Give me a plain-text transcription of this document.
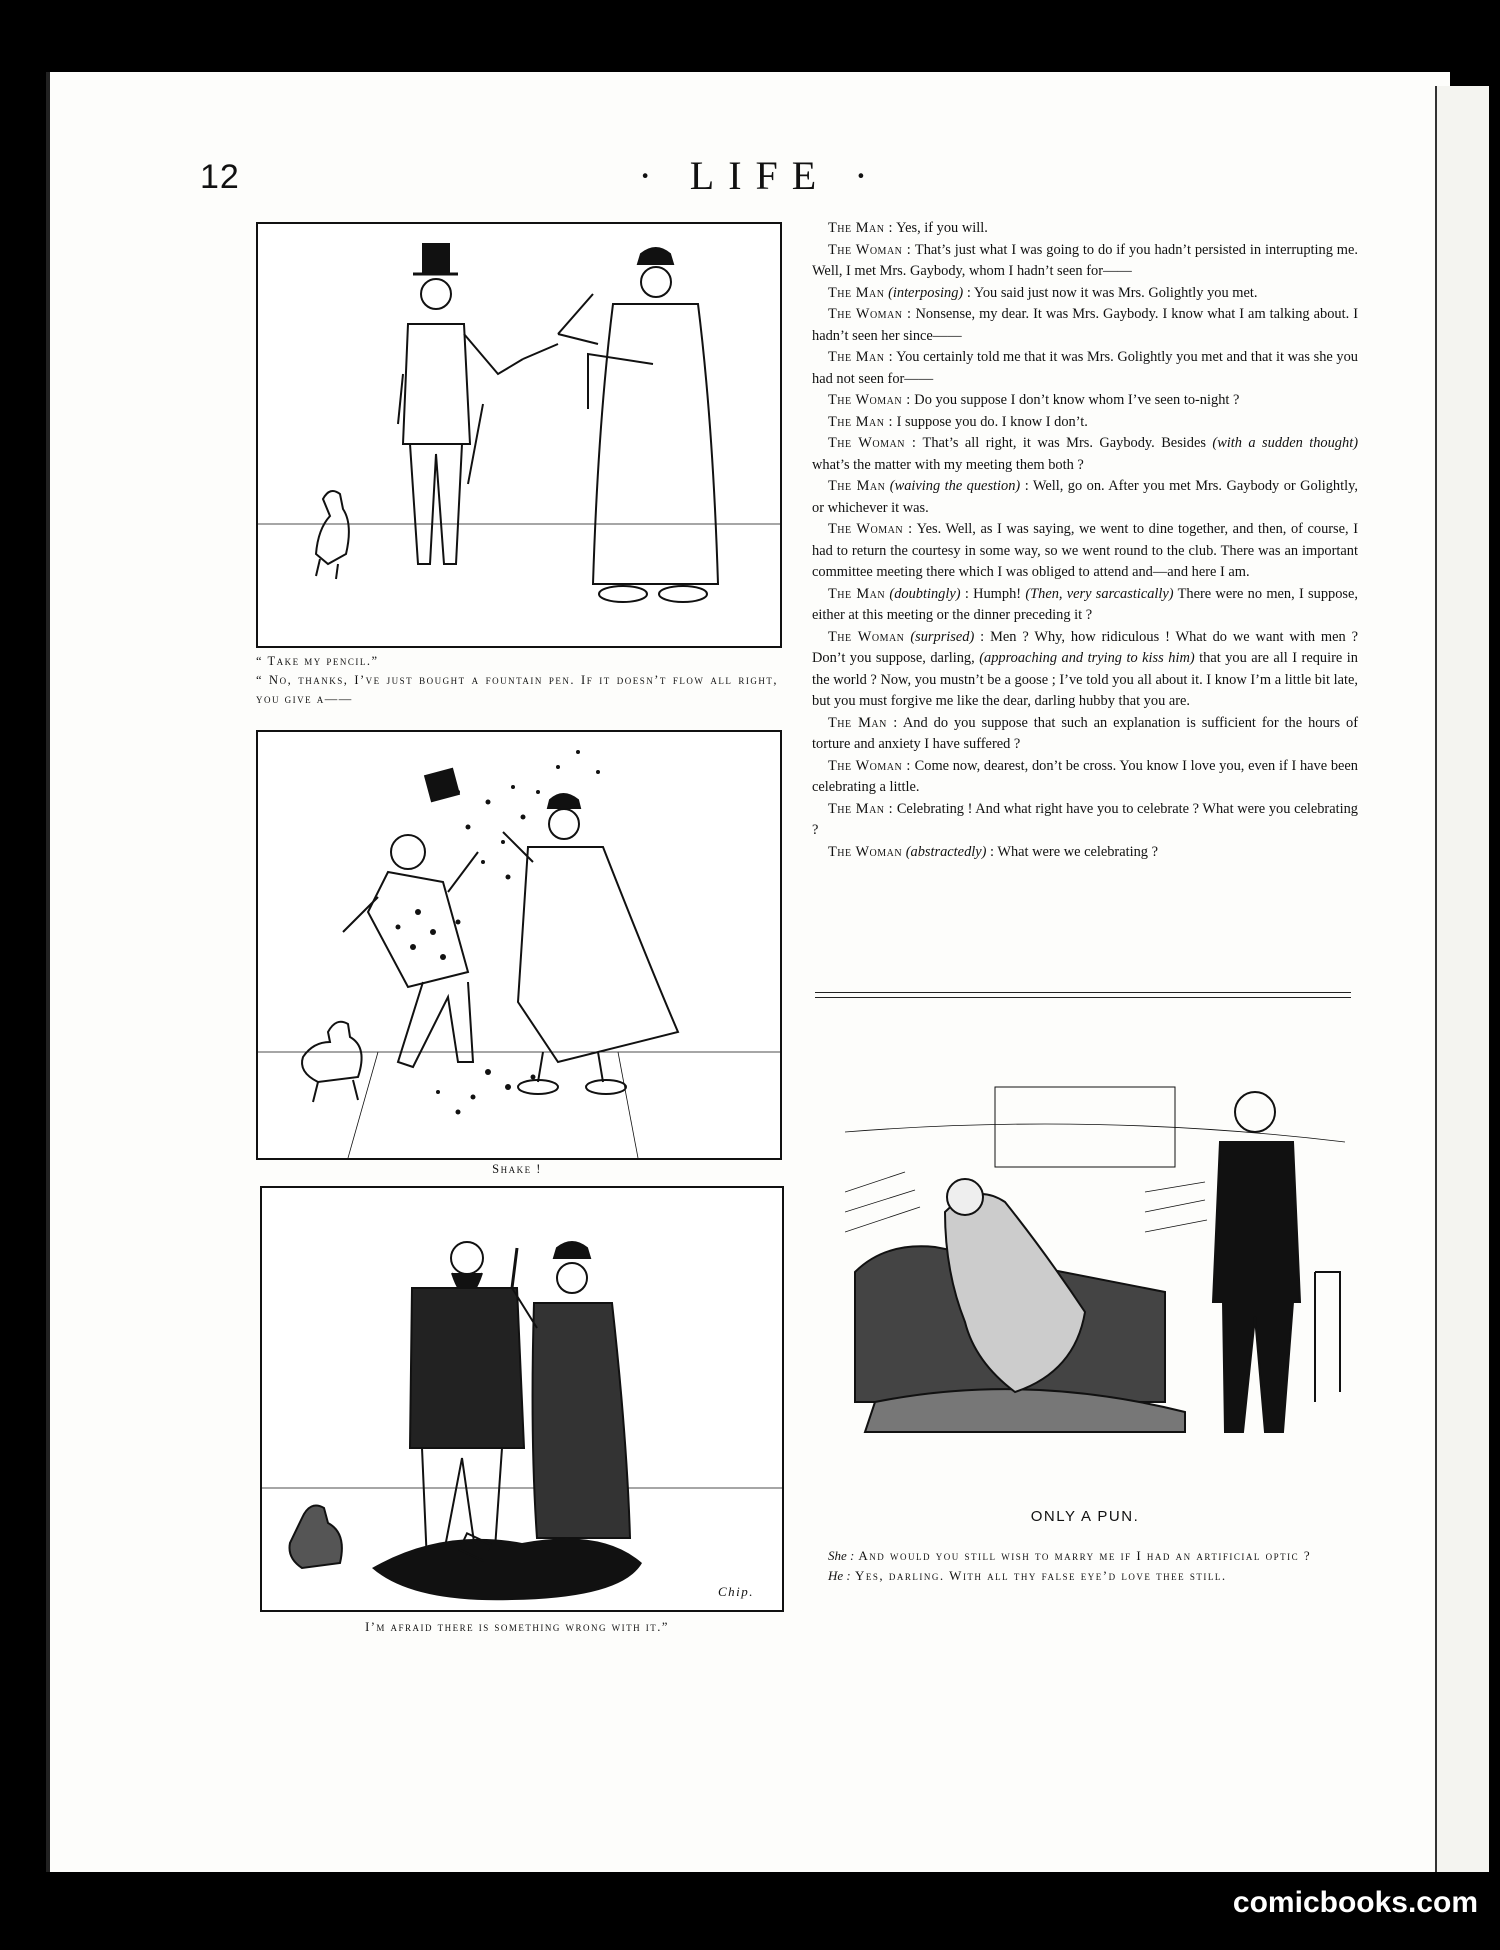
12	· LIFE ·

“ Take my pencil.”

“ No, thanks, I’ve just bought a fountain pen. If it doesn’t flow all right, you give a——

Shake !

Chip.

I’m afraid there is something wrong with it.”

The Man : Yes, if you will.

The Woman : That’s just what I was going to do if you hadn’t persisted in interrupting me. Well, I met Mrs. Gaybody, whom I hadn’t seen for——

The Man (interposing) : You said just now it was Mrs. Golightly you met.

The Woman : Nonsense, my dear. It was Mrs. Gaybody. I know what I am talking about. I hadn’t seen her since——

The Man : You certainly told me that it was Mrs. Golightly you met and that it was she you had not seen for——

The Woman : Do you suppose I don’t know whom I’ve seen to-night ?

The Man : I suppose you do. I know I don’t.

The Woman : That’s all right, it was Mrs. Gaybody. Besides (with a sudden thought) what’s the matter with my meeting them both ?

The Man (waiving the question) : Well, go on. After you met Mrs. Gaybody or Golightly, or whichever it was.

The Woman : Yes. Well, as I was saying, we went to dine together, and then, of course, I had to return the courtesy in some way, so we went round to the club. There was an important committee meeting there which I was obliged to attend and—and here I am.

The Man (doubtingly) : Humph! (Then, very sarcastically) There were no men, I suppose, either at this meeting or the dinner preceding it ?

The Woman (surprised) : Men ? Why, how ridiculous ! What do we want with men ? Don’t you suppose, darling, (approaching and trying to kiss him) that you are all I require in the world ? Now, you mustn’t be a goose ; I’ve told you all about it. I know I’m a little bit late, but you must forgive me like the dear, darling hubby that you are.

The Man : And do you suppose that such an explanation is sufficient for the hours of torture and anxiety I have suffered ?

The Woman : Come now, dearest, don’t be cross. You know I love you, even if I have been celebrating a little.

The Man : Celebrating ! And what right have you to celebrate ? What were you celebrating ?

The Woman (abstractedly) : What were we celebrating ?

ONLY A PUN.

She : And would you still wish to marry me if I had an artificial optic ?

He : Yes, darling. With all thy false eye’d love thee still.

comicbooks.com
